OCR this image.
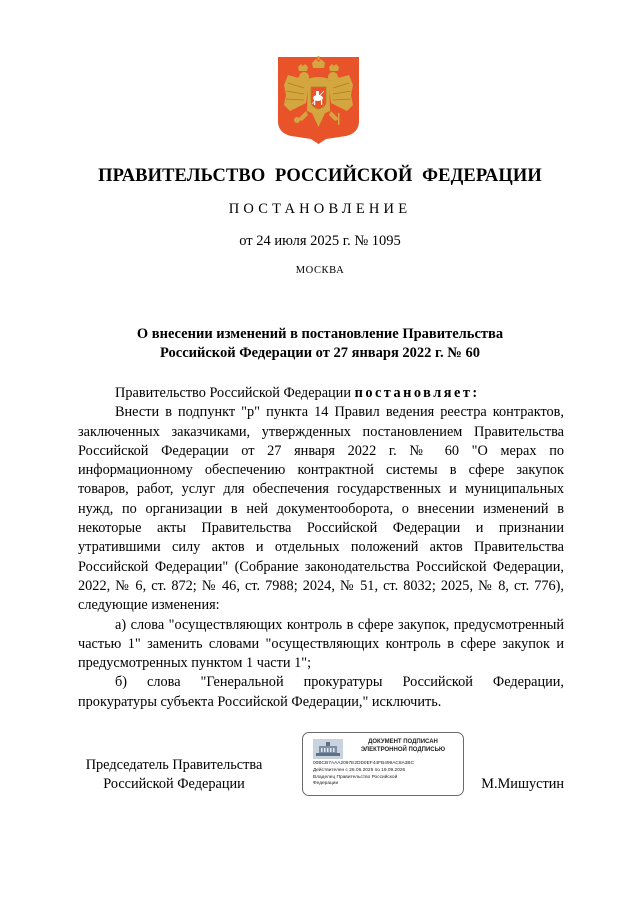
ПРАВИТЕЛЬСТВО РОССИЙСКОЙ ФЕДЕРАЦИИ
ПОСТАНОВЛЕНИЕ
от 24 июля 2025 г. № 1095
МОСКВА
О внесении изменений в постановление Правительства
Российской Федерации от 27 января 2022 г. № 60

Правительство Российской Федерации постановляет:

Внести в подпункт "р" пункта 14 Правил ведения реестра контрактов, заключенных заказчиками, утвержденных постановлением Правительства Российской Федерации от 27 января 2022 г. № 60 "О мерах по информационному обеспечению контрактной системы в сфере закупок товаров, работ, услуг для обеспечения государственных и муниципальных нужд, по организации в ней документооборота, о внесении изменений в некоторые акты Правительства Российской Федерации и признании утратившими силу актов и отдельных положений актов Правительства Российской Федерации" (Собрание законодательства Российской Федерации, 2022, № 6, ст. 872; № 46, ст. 7988; 2024, № 51, ст. 8032; 2025, № 8, ст. 776), следующие изменения:

а) слова "осуществляющих контроль в сфере закупок, предусмотренный частью 1" заменить словами "осуществляющих контроль в сфере закупок и предусмотренных пунктом 1 части 1";

б) слова "Генеральной прокуратуры Российской Федерации, прокуратуры субъекта Российской Федерации," исключить.

Председатель Правительства
Российской Федерации
ДОКУМЕНТ ПОДПИСАН
ЭЛЕКТРОННОЙ ПОДПИСЬЮ
00BCB7AAA2097E2DD0EF44FB499AC8A3BC
Действителен с 26.06.2025 по 19.09.2026
Владелец Правительство Российской
Федерации	М.Мишустин
